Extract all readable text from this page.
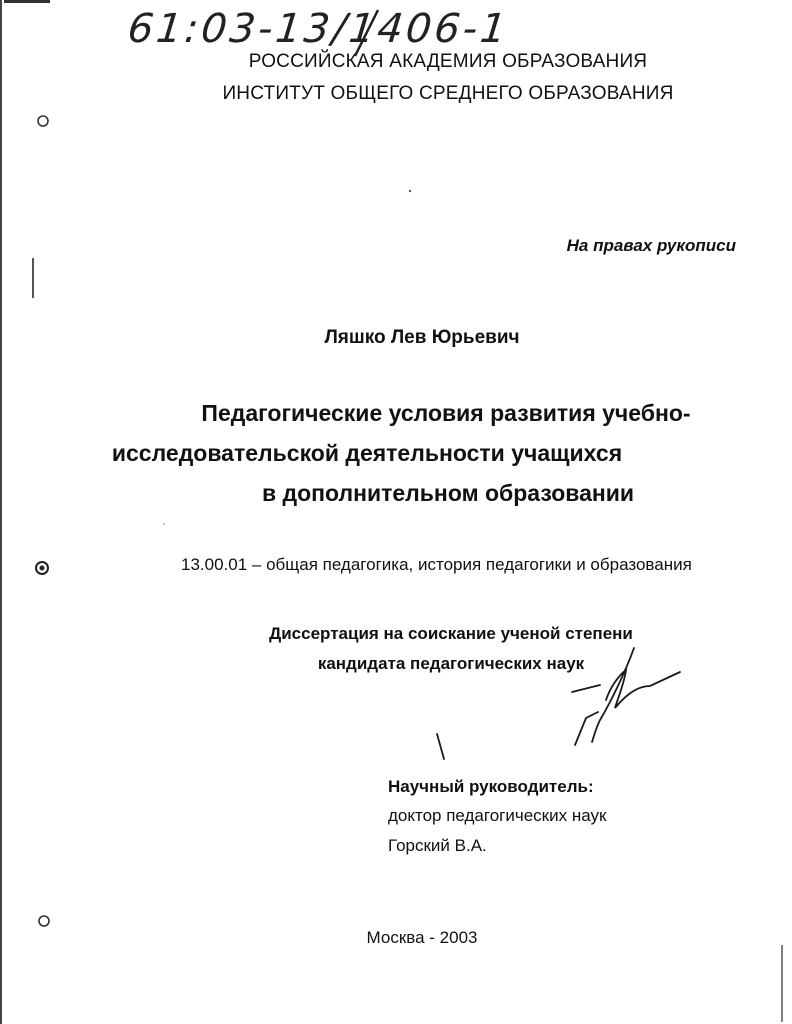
61:03-13/1406-1
РОССИЙСКАЯ АКАДЕМИЯ ОБРАЗОВАНИЯ
ИНСТИТУТ ОБЩЕГО СРЕДНЕГО ОБРАЗОВАНИЯ
На правах рукописи
Ляшко Лев Юрьевич
Педагогические условия развития учебно-
исследовательской деятельности учащихся
в дополнительном образовании
13.00.01 – общая педагогика, история педагогики и образования
Диссертация на соискание ученой степени
кандидата педагогических наук
Научный руководитель:
доктор педагогических наук
Горский В.А.
Москва - 2003
